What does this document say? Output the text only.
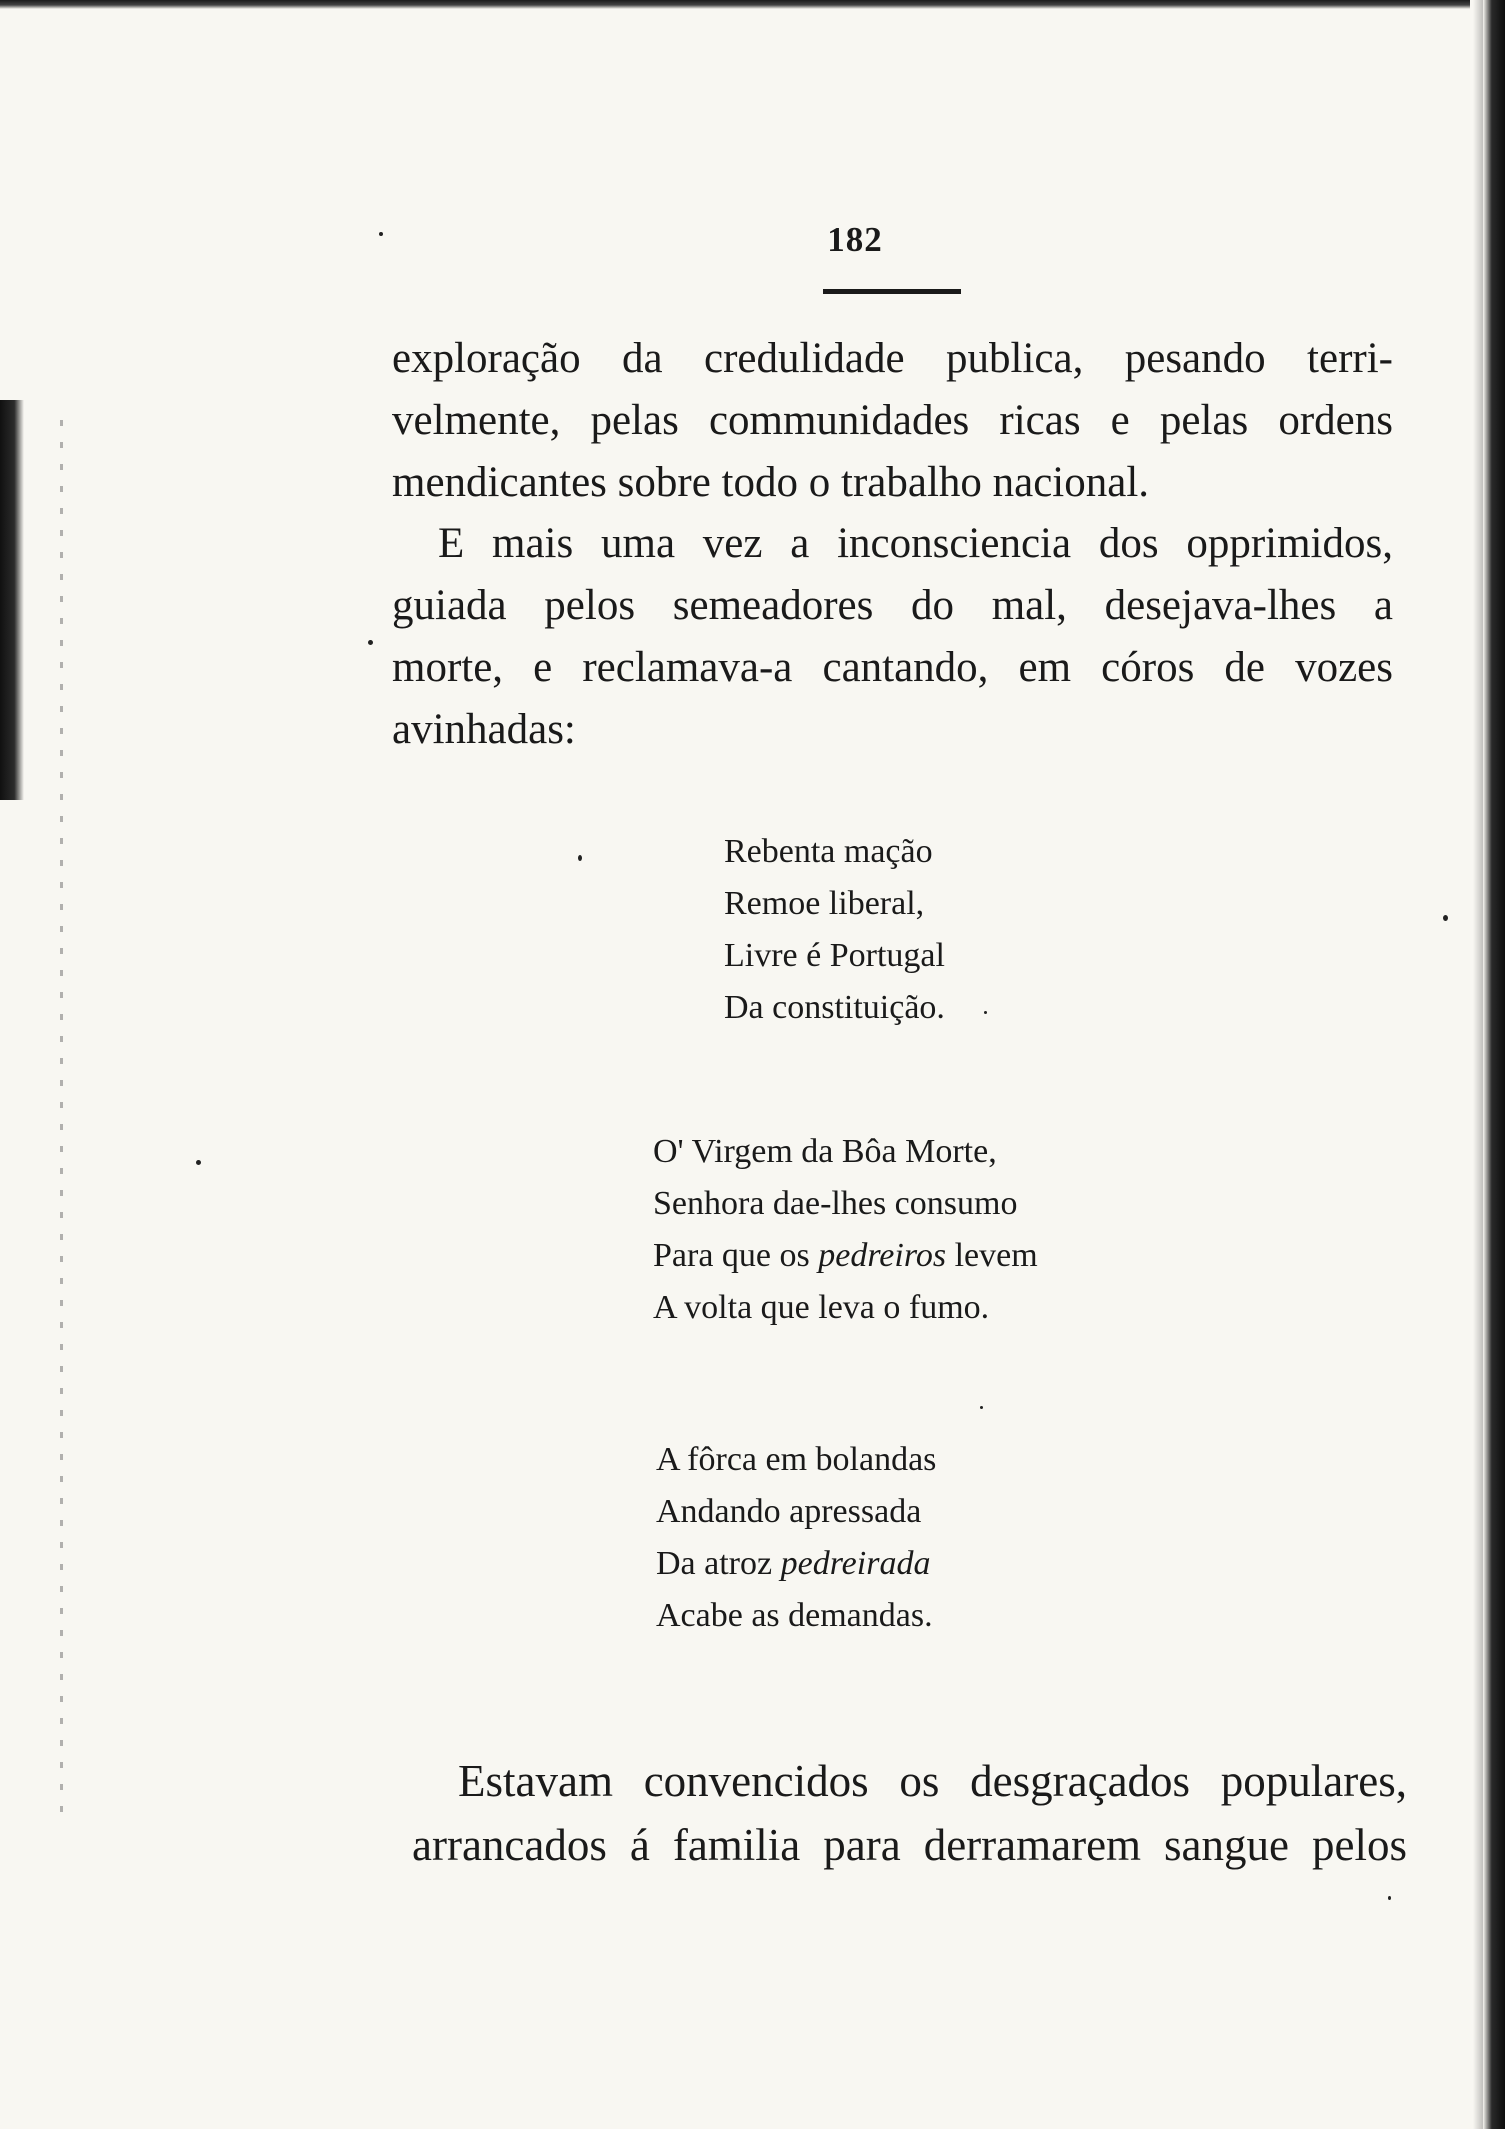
182

exploração da credulidade publica, pesando terri-
velmente, pelas communidades ricas e pelas ordens
mendicantes sobre todo o trabalho nacional.

E mais uma vez a inconsciencia dos opprimidos,
guiada pelos semeadores do mal, desejava-lhes a
morte, e reclamava-a cantando, em córos de vozes
avinhadas:

Rebenta mação
Remoe liberal,
Livre é Portugal
Da constituição.
O' Virgem da Bôa Morte,
Senhora dae-lhes consumo
Para que os pedreiros levem
A volta que leva o fumo.
A fôrca em bolandas
Andando apressada
Da atroz pedreirada
Acabe as demandas.

Estavam convencidos os desgraçados populares,
arrancados á familia para derramarem sangue pelos
